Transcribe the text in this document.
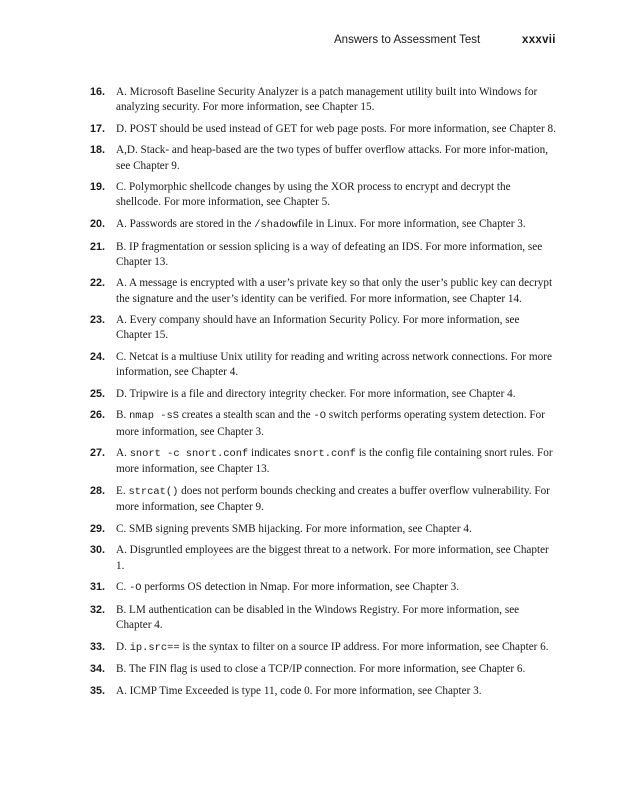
Answers to Assessment Test	xxxvii
16. A. Microsoft Baseline Security Analyzer is a patch management utility built into Windows for analyzing security. For more information, see Chapter 15.
17. D. POST should be used instead of GET for web page posts. For more information, see Chapter 8.
18. A,D. Stack- and heap-based are the two types of buffer overflow attacks. For more infor-mation, see Chapter 9.
19. C. Polymorphic shellcode changes by using the XOR process to encrypt and decrypt the shellcode. For more information, see Chapter 5.
20. A. Passwords are stored in the /shadowfile in Linux. For more information, see Chapter 3.
21. B. IP fragmentation or session splicing is a way of defeating an IDS. For more information, see Chapter 13.
22. A. A message is encrypted with a user’s private key so that only the user’s public key can decrypt the signature and the user’s identity can be verified. For more information, see Chapter 14.
23. A. Every company should have an Information Security Policy. For more information, see Chapter 15.
24. C. Netcat is a multiuse Unix utility for reading and writing across network connections. For more information, see Chapter 4.
25. D. Tripwire is a file and directory integrity checker. For more information, see Chapter 4.
26. B. nmap -sS creates a stealth scan and the -O switch performs operating system detection. For more information, see Chapter 3.
27. A. snort -c snort.conf indicates snort.conf is the config file containing snort rules. For more information, see Chapter 13.
28. E. strcat() does not perform bounds checking and creates a buffer overflow vulnerability. For more information, see Chapter 9.
29. C. SMB signing prevents SMB hijacking. For more information, see Chapter 4.
30. A. Disgruntled employees are the biggest threat to a network. For more information, see Chapter 1.
31. C. -O performs OS detection in Nmap. For more information, see Chapter 3.
32. B. LM authentication can be disabled in the Windows Registry. For more information, see Chapter 4.
33. D. ip.src== is the syntax to filter on a source IP address. For more information, see Chapter 6.
34. B. The FIN flag is used to close a TCP/IP connection. For more information, see Chapter 6.
35. A. ICMP Time Exceeded is type 11, code 0. For more information, see Chapter 3.
